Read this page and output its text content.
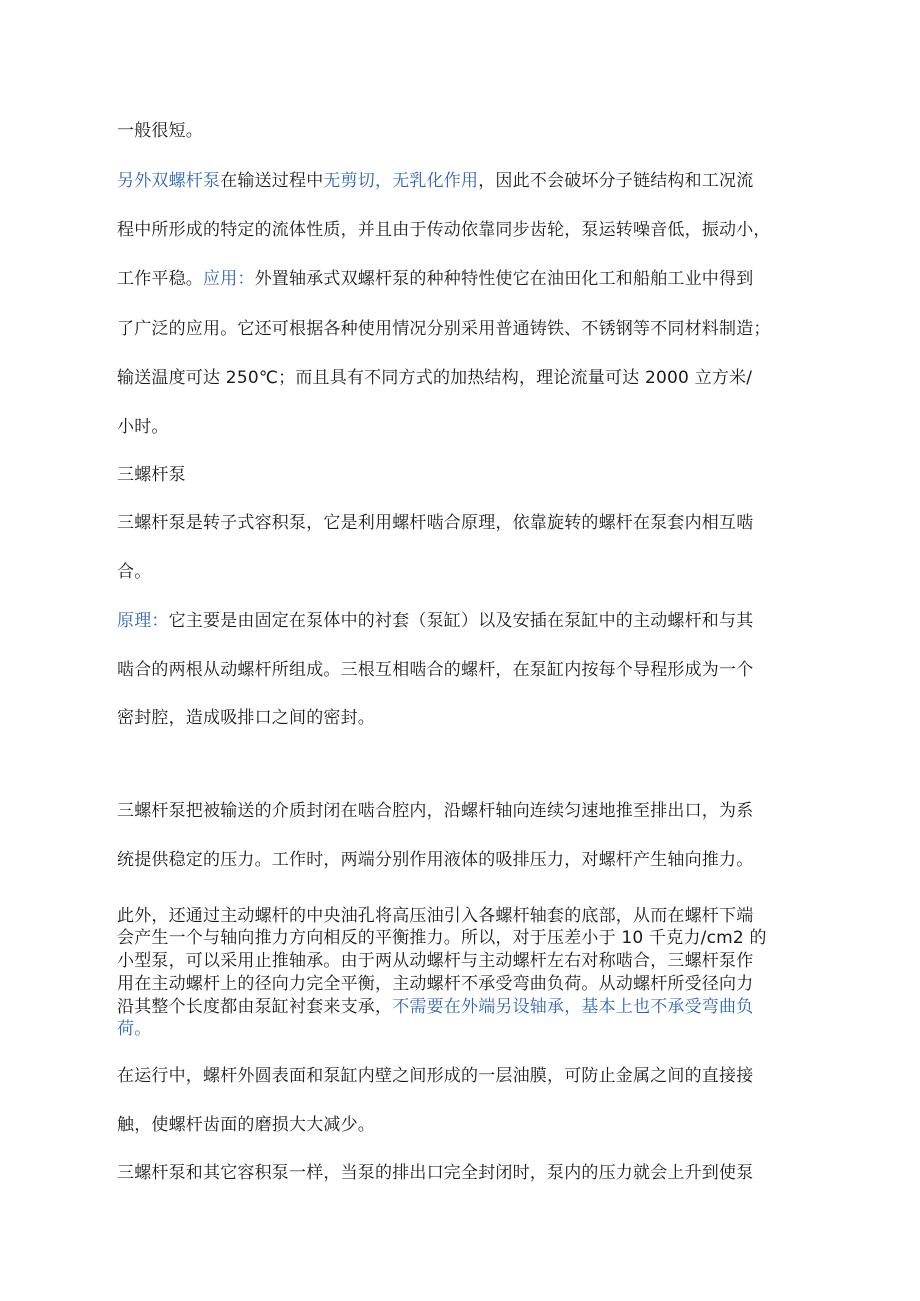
一般很短。
另外双螺杆泵在输送过程中无剪切，无乳化作用，因此不会破坏分子链结构和工况流
程中所形成的特定的流体性质，并且由于传动依靠同步齿轮，泵运转噪音低，振动小，
工作平稳。应用：外置轴承式双螺杆泵的种种特性使它在油田化工和船舶工业中得到
了广泛的应用。它还可根据各种使用情况分别采用普通铸铁、不锈钢等不同材料制造；
输送温度可达 250℃；而且具有不同方式的加热结构，理论流量可达 2000 立方米/
小时。
三螺杆泵
三螺杆泵是转子式容积泵，它是利用螺杆啮合原理，依靠旋转的螺杆在泵套内相互啮
合。
原理：它主要是由固定在泵体中的衬套（泵缸）以及安插在泵缸中的主动螺杆和与其
啮合的两根从动螺杆所组成。三根互相啮合的螺杆，在泵缸内按每个导程形成为一个
密封腔，造成吸排口之间的密封。
三螺杆泵把被输送的介质封闭在啮合腔内，沿螺杆轴向连续匀速地推至排出口，为系
统提供稳定的压力。工作时，两端分别作用液体的吸排压力，对螺杆产生轴向推力。
此外，还通过主动螺杆的中央油孔将高压油引入各螺杆轴套的底部，从而在螺杆下端
会产生一个与轴向推力方向相反的平衡推力。所以，对于压差小于 10 千克力/cm2 的
小型泵，可以采用止推轴承。由于两从动螺杆与主动螺杆左右对称啮合，三螺杆泵作
用在主动螺杆上的径向力完全平衡，主动螺杆不承受弯曲负荷。从动螺杆所受径向力
沿其整个长度都由泵缸衬套来支承，不需要在外端另设轴承，基本上也不承受弯曲负
荷。
在运行中，螺杆外圆表面和泵缸内壁之间形成的一层油膜，可防止金属之间的直接接
触，使螺杆齿面的磨损大大减少。
三螺杆泵和其它容积泵一样，当泵的排出口完全封闭时，泵内的压力就会上升到使泵
